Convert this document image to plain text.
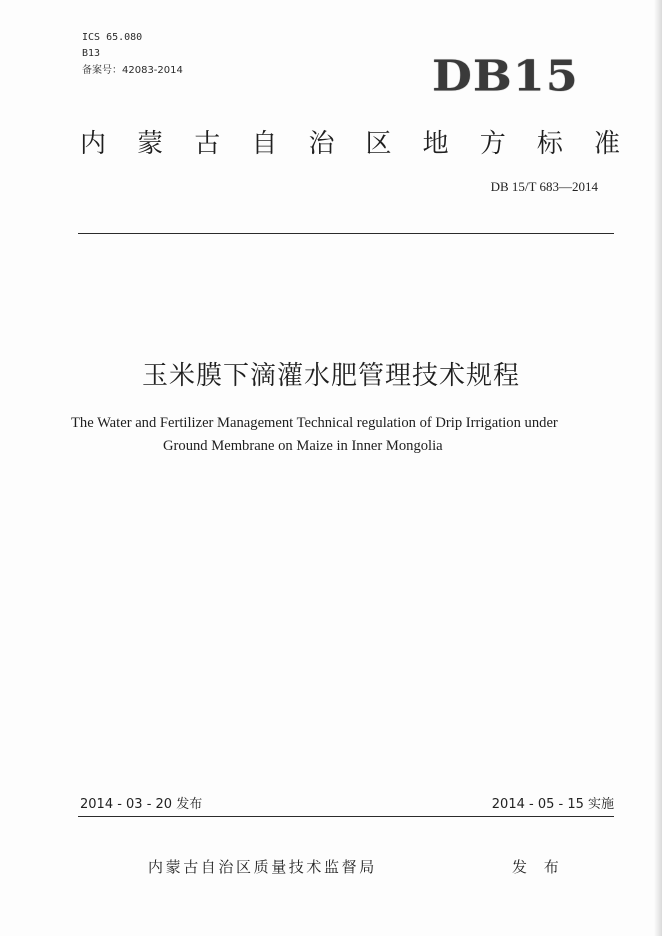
ICS 65.080
B13
备案号：42083-2014	DB15
内 蒙 古 自 治 区 地 方 标 准
DB 15/T 683—2014
玉米膜下滴灌水肥管理技术规程
The Water and Fertilizer Management Technical regulation of Drip Irrigation under
Ground Membrane on Maize in Inner Mongolia
2014 - 03 - 20 发布	2014 - 05 - 15 实施
内蒙古自治区质量技术监督局	发 布
